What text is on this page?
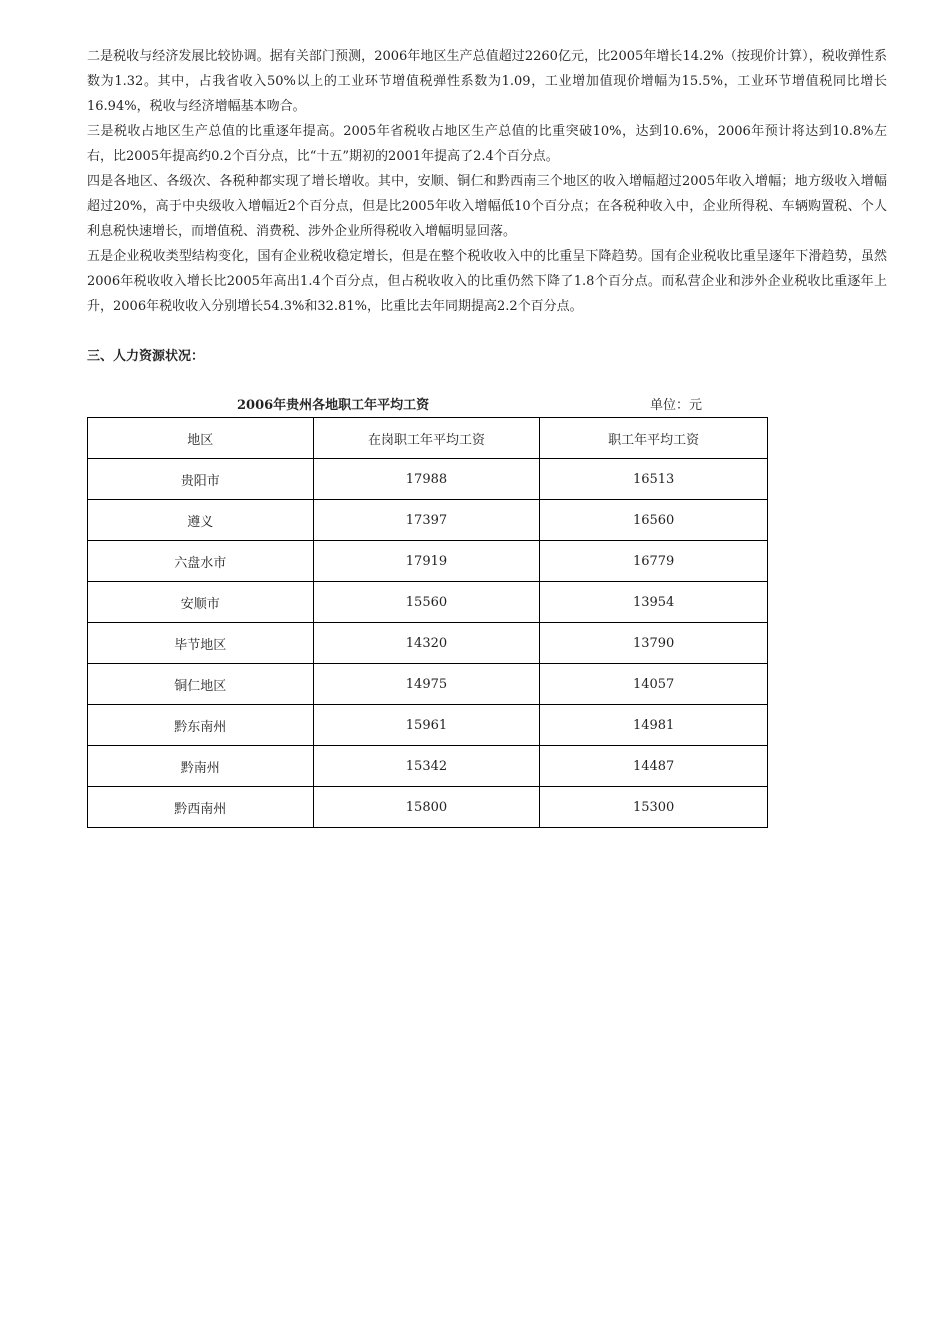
二是税收与经济发展比较协调。据有关部门预测，2006年地区生产总值超过2260亿元，比2005年增长14.2%（按现价计算），税收弹性系数为1.32。其中，占我省收入50%以上的工业环节增值税弹性系数为1.09，工业增加值现价增幅为15.5%，工业环节增值税同比增长16.94%，税收与经济增幅基本吻合。

三是税收占地区生产总值的比重逐年提高。2005年省税收占地区生产总值的比重突破10%，达到10.6%，2006年预计将达到10.8%左右，比2005年提高约0.2个百分点，比“十五”期初的2001年提高了2.4个百分点。

四是各地区、各级次、各税种都实现了增长增收。其中，安顺、铜仁和黔西南三个地区的收入增幅超过2005年收入增幅；地方级收入增幅超过20%，高于中央级收入增幅近2个百分点，但是比2005年收入增幅低10个百分点；在各税种收入中，企业所得税、车辆购置税、个人利息税快速增长，而增值税、消费税、涉外企业所得税收入增幅明显回落。

五是企业税收类型结构变化，国有企业税收稳定增长，但是在整个税收收入中的比重呈下降趋势。国有企业税收比重呈逐年下滑趋势，虽然2006年税收收入增长比2005年高出1.4个百分点，但占税收收入的比重仍然下降了1.8个百分点。而私营企业和涉外企业税收比重逐年上升，2006年税收收入分别增长54.3%和32.81%，比重比去年同期提高2.2个百分点。

三、人力资源状况：

2006年贵州各地职工年平均工资	单位：元
地区	在岗职工年平均工资	职工年平均工资
贵阳市	17988	16513
遵义	17397	16560
六盘水市	17919	16779
安顺市	15560	13954
毕节地区	14320	13790
铜仁地区	14975	14057
黔东南州	15961	14981
黔南州	15342	14487
黔西南州	15800	15300
